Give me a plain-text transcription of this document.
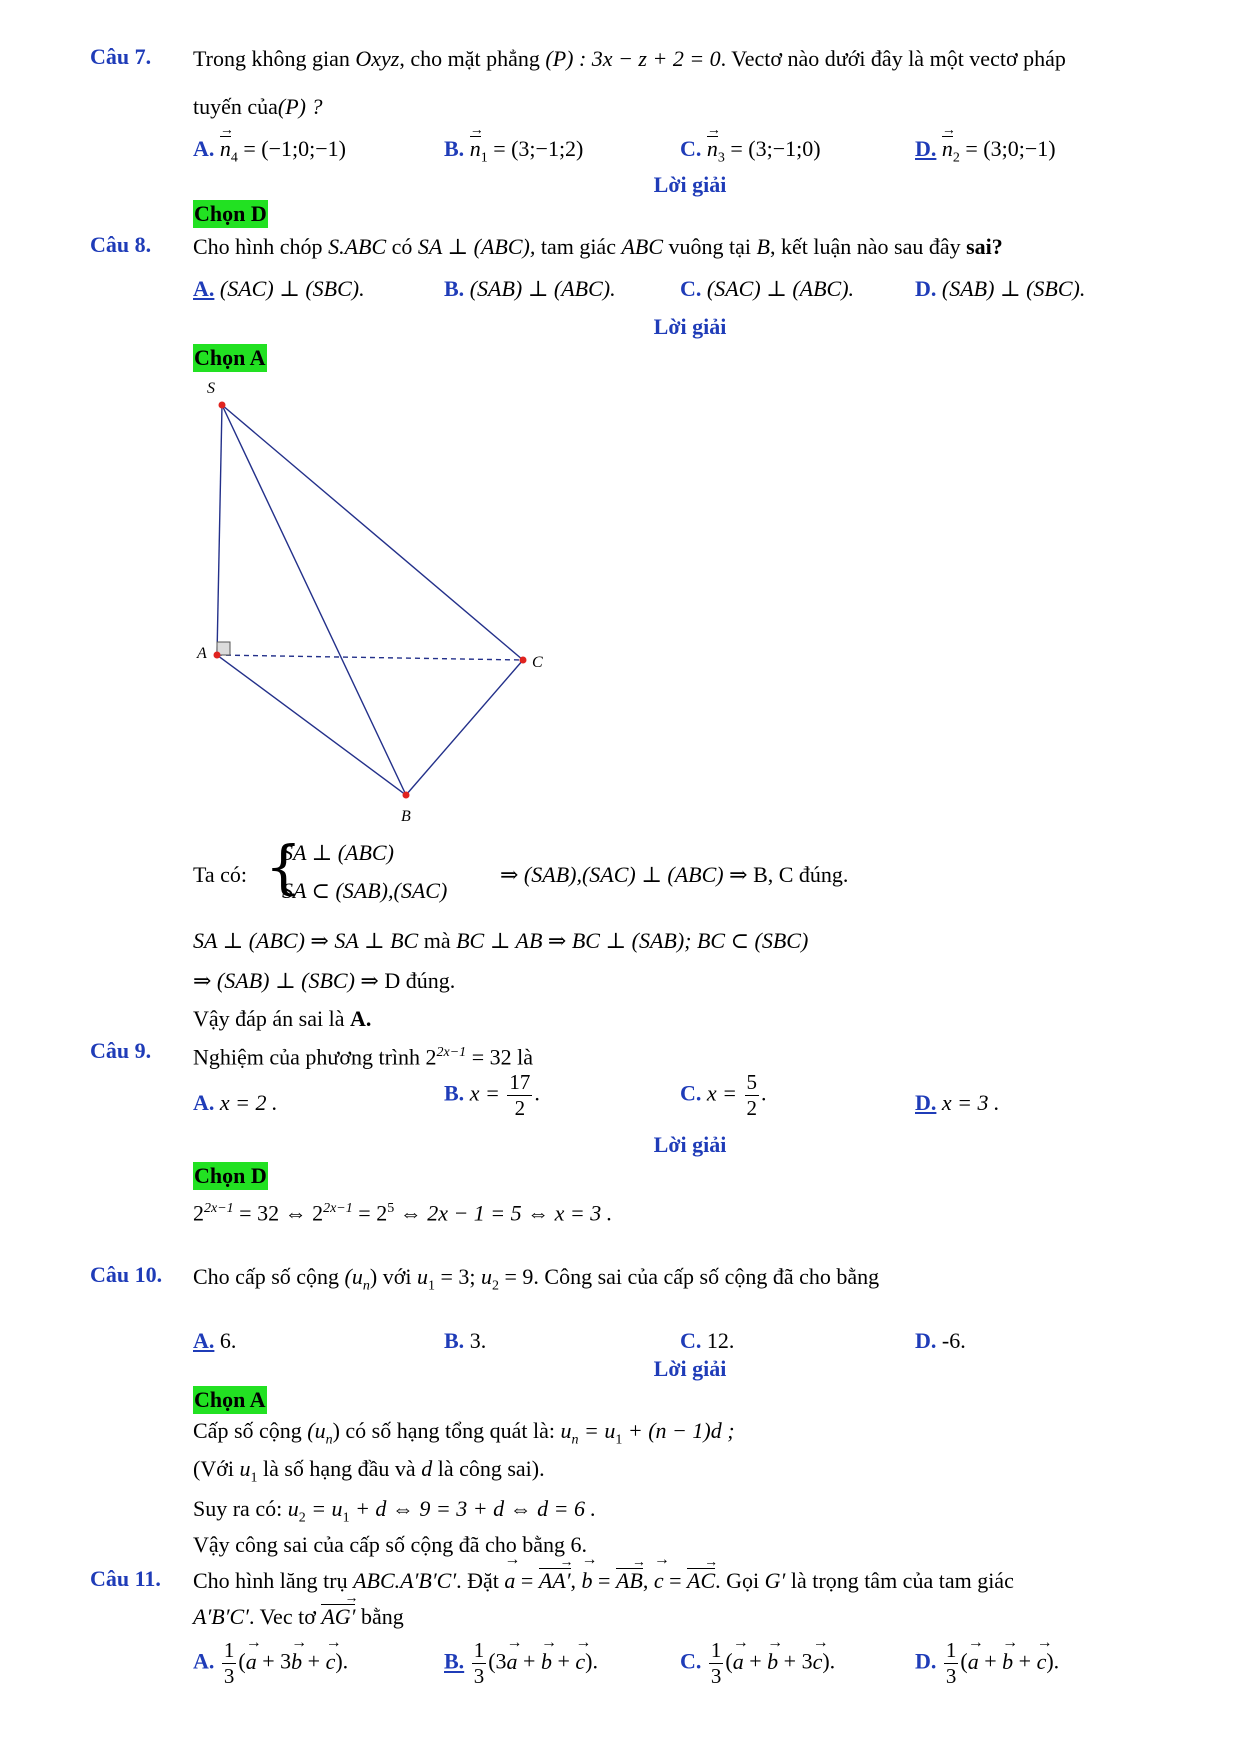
Câu 7. Trong không gian Oxyz, cho mặt phẳng (P) : 3x − z + 2 = 0. Vectơ nào dưới đây là một vectơ pháp
tuyến của(P) ?
A. $n \to_4$ = (−1;0;−1)	B. $n \to_1$ = (3;−1;2)	C. $n \to_3$ = (3;−1;0)	D. $n \to_2$ = (3;0;−1)
Lời giải
Chọn D
Câu 8. Cho hình chóp S.ABC có SA ⊥ (ABC), tam giác ABC vuông tại B, kết luận nào sau đây sai?
A. (SAC) ⊥ (SBC).	B. (SAB) ⊥ (ABC).	C. (SAC) ⊥ (ABC).	D. (SAB) ⊥ (SBC).
Lời giải
Chọn A
S
A
B
C
Ta có: {
SA ⊥ (ABC)
SA ⊂ (SAB),(SAC)
⇒ (SAB),(SAC) ⊥ (ABC) ⇒ B, C đúng.
SA ⊥ (ABC) ⇒ SA ⊥ BC mà BC ⊥ AB ⇒ BC ⊥ (SAB); BC ⊂ (SBC)
⇒ (SAB) ⊥ (SBC) ⇒ D đúng.
Vậy đáp án sai là A.
Câu 9. Nghiệm của phương trình $2^{2x-1} = 32$ là
A. x = 2 .	B. $x = \frac{17}{2}$ .	C. $x = \frac{5}{2}$ .	D. x = 3 .
Lời giải
Chọn D
$2^{2x-1} = 32$ ⇔ $2^{2x-1} = 2^5$ ⇔ 2x − 1 = 5 ⇔ x = 3 .
Câu 10. Cho cấp số cộng $(u_n)$ với $u_1 = 3$; $u_2 = 9$. Công sai của cấp số cộng đã cho bằng
A. 6.	B. 3.	C. 12.	D. -6.
Lời giải
Chọn A
Cấp số cộng $(u_n)$ có số hạng tổng quát là: $u_n = u_1 + (n - 1)d$ ;
(Với $u_1$ là số hạng đầu và d là công sai).
Suy ra có: $u_2 = u_1 + d$ ⇔ 9 = 3 + d ⇔ d = 6 .
Vậy công sai của cấp số cộng đã cho bằng 6.
Câu 11. Cho hình lăng trụ ABC.A′B′C′. Đặt → a = AA′ →, → b = AB →, → c = AC →. Gọi G′ là trọng tâm của tam giác
A′B′C′. Vec tơ AG′ → bằng
A. $\frac{1}{3}$ (→ a + 3→ b + → c).	B. $\frac{1}{3} (3\to a$ + → b + → c).	C. $\frac{1}{3}$ (→ a + → b + 3→ c).	D. $\frac{1}{3}$ (→ a + → b + → c).
